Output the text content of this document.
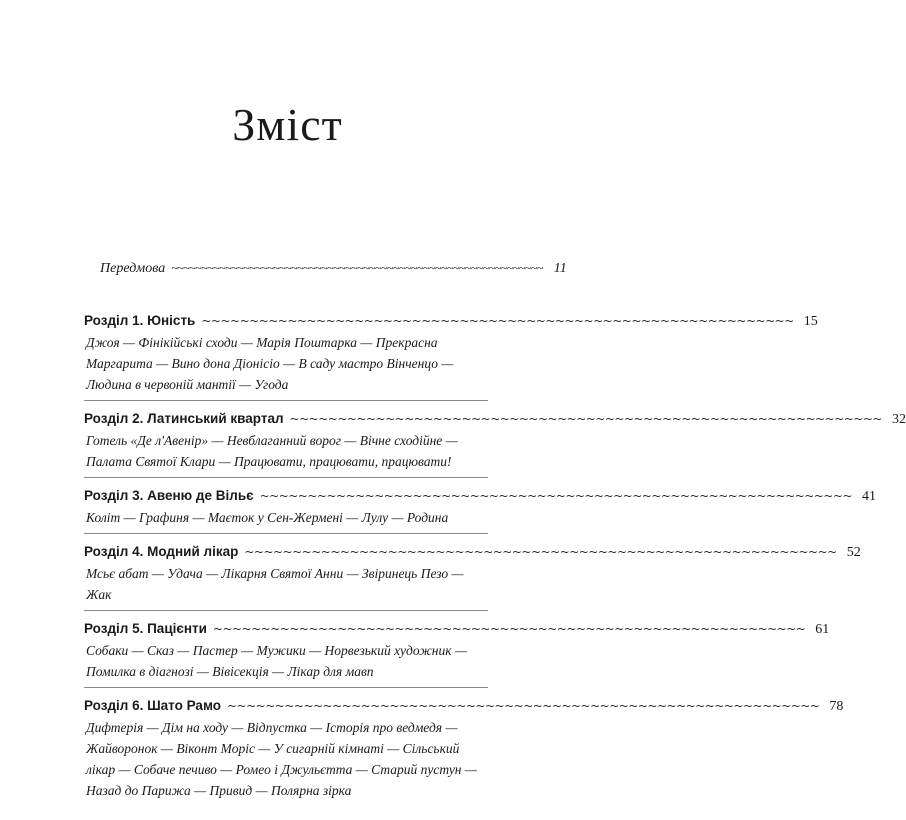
Зміст
Передмова ~~~~~~~~~~~~~~~~~~~~~~~~~~~~~~~~~~~~~~~~~~~~~~~~~~~~~~~~~~~~~~ 11
Розділ 1. Юність ~~~~~~~~~~~~~~~~~~~~~~~~~~~~~~~~~~~~~~~~~~~~~~~~~~~~~~~~~~~~~~ 15
Джоя — Фінікійські сходи — Марія Поштарка — Прекрасна
Маргарита — Вино дона Діонісіо — В саду мастро Вінченцо —
Людина в червоній мантії — Угода
Розділ 2. Латинський квартал ~~~~~~~~~~~~~~~~~~~~~~~~~~~~~~~~~~~~~~~~~~~~~~~~~~~~~~~~~~~~~~ 32
Готель «Де л'Авенір» — Невблаганний ворог — Вічне сходійне —
Палата Святої Клари — Працювати, працювати, працювати!
Розділ 3. Авеню де Вільє ~~~~~~~~~~~~~~~~~~~~~~~~~~~~~~~~~~~~~~~~~~~~~~~~~~~~~~~~~~~~~~ 41
Коліт — Графиня — Маєток у Сен-Жермені — Лулу — Родина
Розділ 4. Модний лікар ~~~~~~~~~~~~~~~~~~~~~~~~~~~~~~~~~~~~~~~~~~~~~~~~~~~~~~~~~~~~~~ 52
Мсьє абат — Удача — Лікарня Святої Анни — Звіринець Пезо —
Жак
Розділ 5. Пацієнти ~~~~~~~~~~~~~~~~~~~~~~~~~~~~~~~~~~~~~~~~~~~~~~~~~~~~~~~~~~~~~~ 61
Собаки — Сказ — Пастер — Мужики — Норвезький художник —
Помилка в діагнозі — Вівісекція — Лікар для мавп
Розділ 6. Шато Рамо ~~~~~~~~~~~~~~~~~~~~~~~~~~~~~~~~~~~~~~~~~~~~~~~~~~~~~~~~~~~~~~ 78
Дифтерія — Дім на ходу — Відпустка — Історія про ведмедя —
Жайворонок — Віконт Моріс — У сигарній кімнаті — Сільський
лікар — Собаче печиво — Ромео і Джульєтта — Старий пустун —
Назад до Парижа — Привид — Полярна зірка
